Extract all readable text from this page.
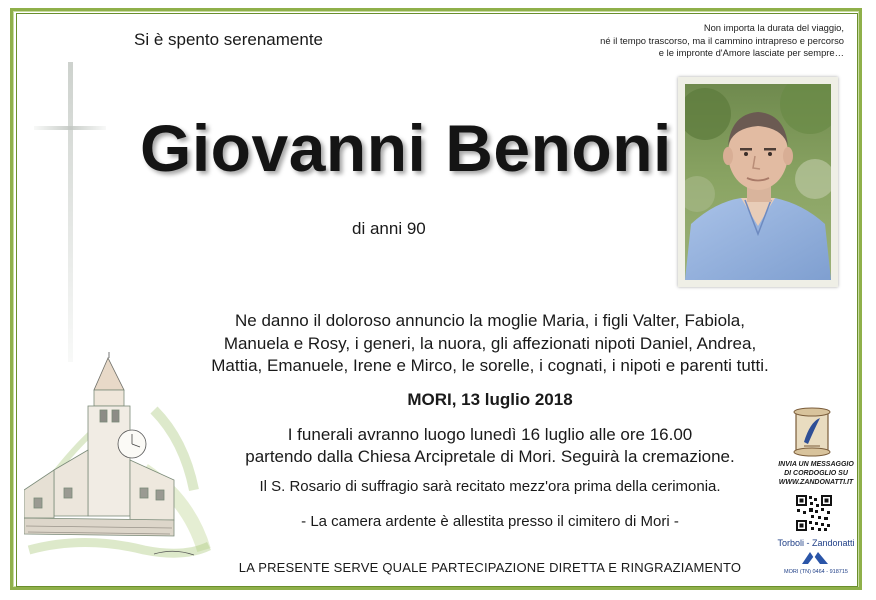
Si è spento serenamente
Non importa la durata del viaggio,
né il tempo trascorso, ma il cammino intrapreso e percorso
e le impronte d'Amore lasciate per sempre…
Giovanni Benoni
di anni 90
Ne danno il doloroso annuncio la moglie Maria, i figli Valter, Fabiola,
Manuela e Rosy, i generi, la nuora, gli affezionati nipoti Daniel, Andrea,
Mattia, Emanuele, Irene e Mirco, le sorelle, i cognati, i nipoti e parenti tutti.
MORI, 13 luglio 2018
I funerali avranno luogo lunedì 16 luglio alle ore 16.00
partendo dalla Chiesa Arcipretale di Mori. Seguirà la cremazione.
Il S. Rosario di suffragio sarà recitato mezz'ora prima della cerimonia.
- La camera ardente è allestita presso il cimitero di Mori -
LA PRESENTE SERVE QUALE PARTECIPAZIONE DIRETTA E RINGRAZIAMENTO
INVIA UN MESSAGGIO
DI CORDOGLIO SU
WWW.ZANDONATTI.IT
Torboli - Zandonatti
MORI (TN) 0464 - 918715
